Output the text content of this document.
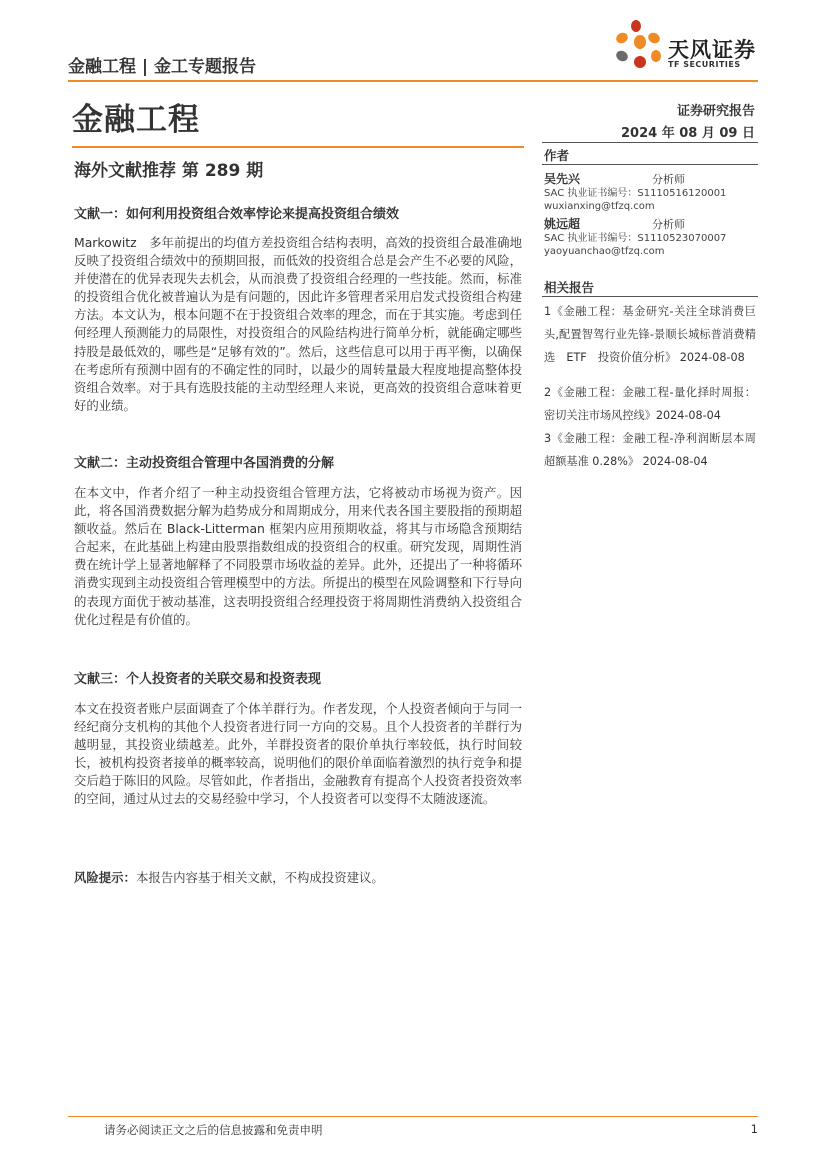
金融工程 | 金工专题报告
天风证券
TF SECURITIES
金融工程	证券研究报告
2024 年 08 月 09 日
海外文献推荐 第 289 期
文献一：如何利用投资组合效率悖论来提高投资组合绩效

Markowitz　多年前提出的均值方差投资组合结构表明，高效的投资组合最准确地反映了投资组合绩效中的预期回报，而低效的投资组合总是会产生不必要的风险，并使潜在的优异表现失去机会，从而浪费了投资组合经理的一些技能。然而，标准的投资组合优化被普遍认为是有问题的，因此许多管理者采用启发式投资组合构建方法。本文认为，根本问题不在于投资组合效率的理念，而在于其实施。考虑到任何经理人预测能力的局限性，对投资组合的风险结构进行简单分析，就能确定哪些持股是最低效的，哪些是“足够有效的”。然后，这些信息可以用于再平衡，以确保在考虑所有预测中固有的不确定性的同时，以最少的周转量最大程度地提高整体投资组合效率。对于具有选股技能的主动型经理人来说，更高效的投资组合意味着更好的业绩。

文献二：主动投资组合管理中各国消费的分解

在本文中，作者介绍了一种主动投资组合管理方法，它将被动市场视为资产。因此，将各国消费数据分解为趋势成分和周期成分，用来代表各国主要股指的预期超额收益。然后在 Black-Litterman 框架内应用预期收益，将其与市场隐含预期结合起来，在此基础上构建由股票指数组成的投资组合的权重。研究发现，周期性消费在统计学上显著地解释了不同股票市场收益的差异。此外，还提出了一种将循环消费实现到主动投资组合管理模型中的方法。所提出的模型在风险调整和下行导向的表现方面优于被动基准，这表明投资组合经理投资于将周期性消费纳入投资组合优化过程是有价值的。

文献三：个人投资者的关联交易和投资表现

本文在投资者账户层面调查了个体羊群行为。作者发现，个人投资者倾向于与同一经纪商分支机构的其他个人投资者进行同一方向的交易。且个人投资者的羊群行为越明显，其投资业绩越差。此外，羊群投资者的限价单执行率较低，执行时间较长，被机构投资者接单的概率较高，说明他们的限价单面临着激烈的执行竞争和提交后趋于陈旧的风险。尽管如此，作者指出，金融教育有提高个人投资者投资效率的空间，通过从过去的交易经验中学习，个人投资者可以变得不太随波逐流。

风险提示：本报告内容基于相关文献，不构成投资建议。
作者
吴先兴	分析师
SAC 执业证书编号：S1110516120001
wuxianxing@tfzq.com
姚远超	分析师
SAC 执业证书编号：S1110523070007
yaoyuanchao@tfzq.com
相关报告

1《金融工程：基金研究-关注全球消费巨头,配置智驾行业先锋-景顺长城标普消费精选　ETF　投资价值分析》 2024-08-08

2《金融工程：金融工程-量化择时周报：密切关注市场风控线》2024-08-04

3《金融工程：金融工程-净利润断层本周超额基准 0.28%》 2024-08-04

请务必阅读正文之后的信息披露和免责申明	1
